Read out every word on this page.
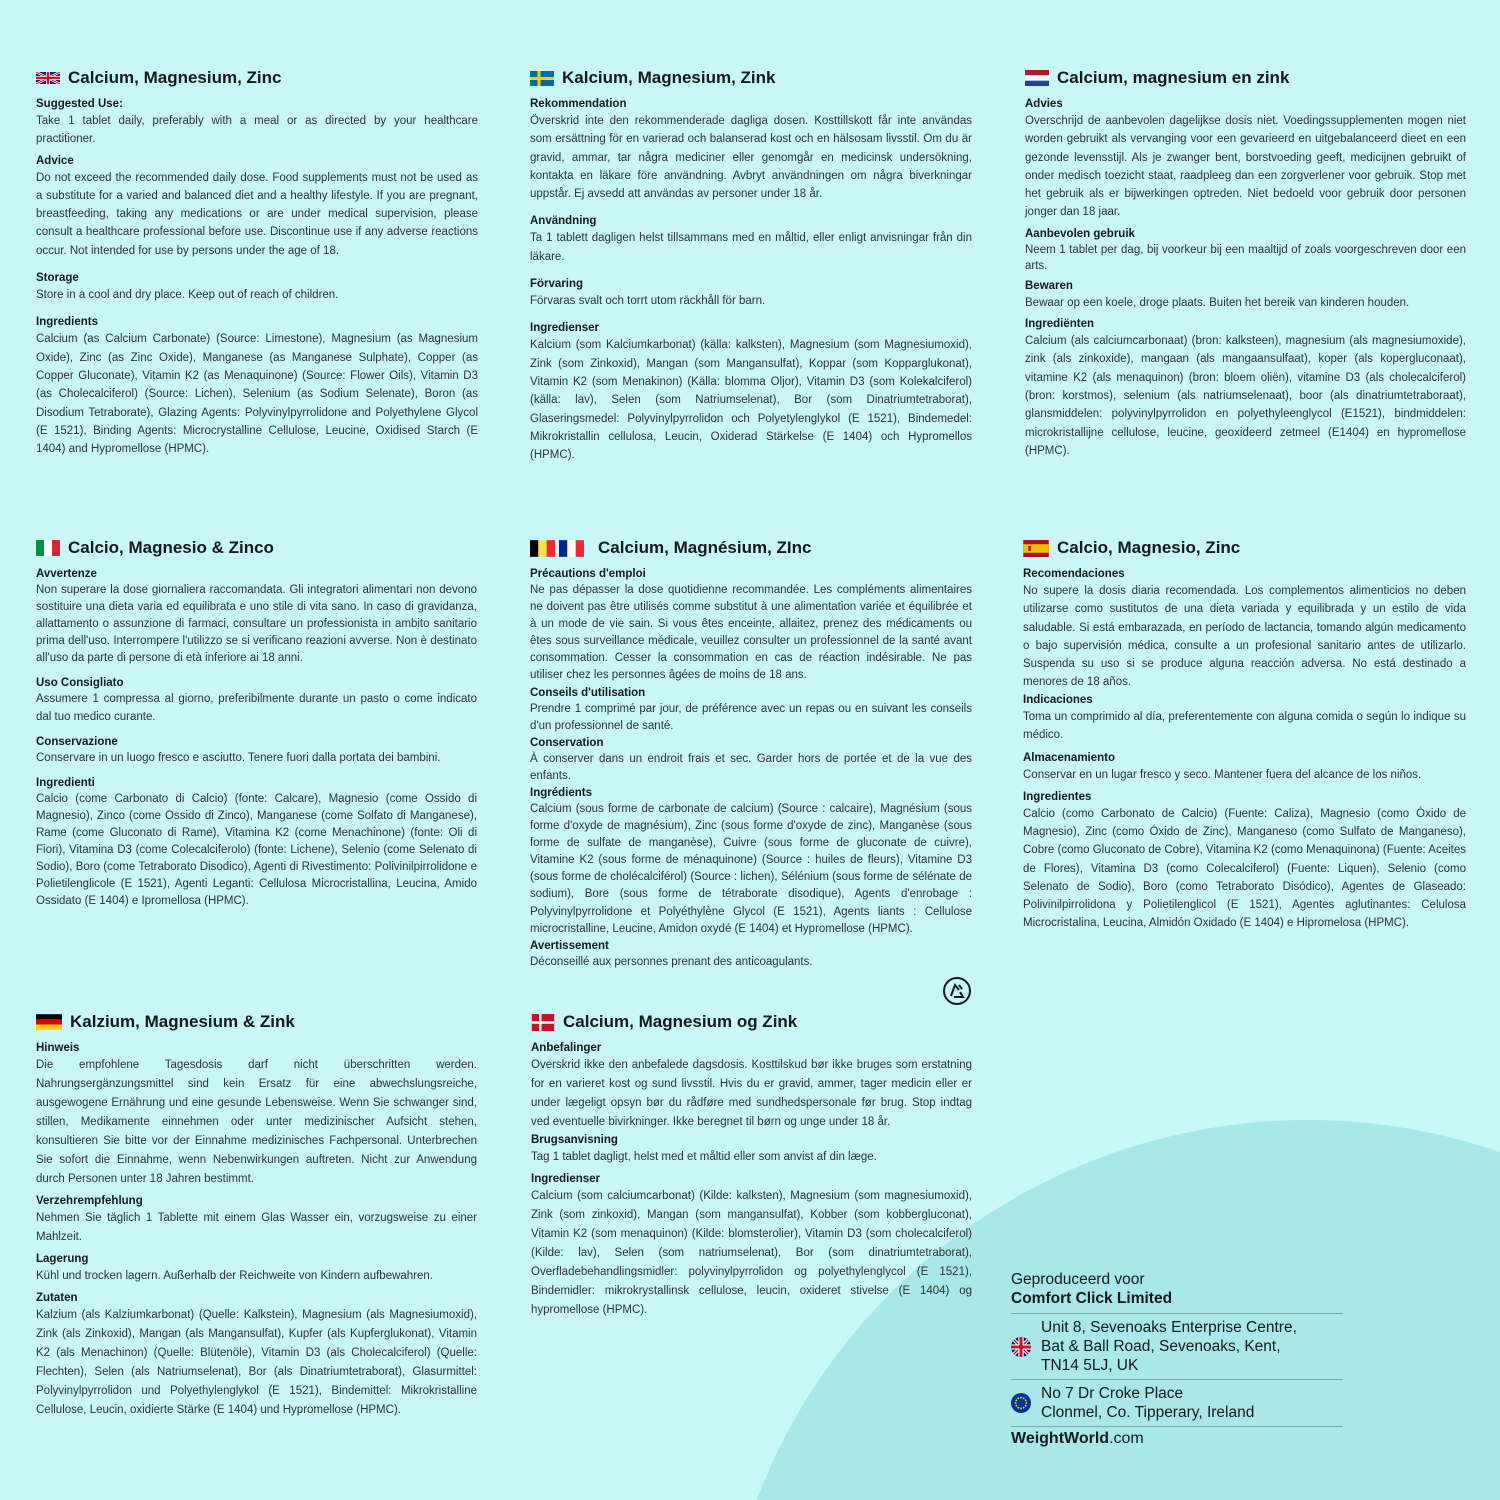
Calcium, Magnesium, Zinc
Suggested Use:
Take 1 tablet daily, preferably with a meal or as directed by your healthcare practitioner.
Advice
Do not exceed the recommended daily dose. Food supplements must not be used as a substitute for a varied and balanced diet and a healthy lifestyle. If you are pregnant, breastfeeding, taking any medications or are under medical supervision, please consult a healthcare professional before use. Discontinue use if any adverse reactions occur. Not intended for use by persons under the age of 18.
Storage
Store in a cool and dry place. Keep out of reach of children.
Ingredients
Calcium (as Calcium Carbonate) (Source: Limestone), Magnesium (as Magnesium Oxide), Zinc (as Zinc Oxide), Manganese (as Manganese Sulphate), Copper (as Copper Gluconate), Vitamin K2 (as Menaquinone) (Source: Flower Oils), Vitamin D3 (as Cholecalciferol) (Source: Lichen), Selenium (as Sodium Selenate), Boron (as Disodium Tetraborate), Glazing Agents: Polyvinylpyrrolidone and Polyethylene Glycol (E 1521), Binding Agents: Microcrystalline Cellulose, Leucine, Oxidised Starch (E 1404) and Hypromellose (HPMC).
Kalcium, Magnesium, Zink
Rekommendation
Överskrid inte den rekommenderade dagliga dosen. Kosttillskott får inte användas som ersättning för en varierad och balanserad kost och en hälsosam livsstil. Om du är gravid, ammar, tar några mediciner eller genomgår en medicinsk undersökning, kontakta en läkare före användning. Avbryt användningen om några biverkningar uppstår. Ej avsedd att användas av personer under 18 år.
Användning
Ta 1 tablett dagligen helst tillsammans med en måltid, eller enligt anvisningar från din läkare.
Förvaring
Förvaras svalt och torrt utom räckhåll för barn.
Ingredienser
Kalcium (som Kalciumkarbonat) (källa: kalksten), Magnesium (som Magnesiumoxid), Zink (som Zinkoxid), Mangan (som Mangansulfat), Koppar (som Kopparglukonat), Vitamin K2 (som Menakinon) (Källa: blomma Oljor), Vitamin D3 (som Kolekalciferol) (källa: lav), Selen (som Natriumselenat), Bor (som Dinatriumtetraborat), Glaseringsmedel: Polyvinylpyrrolidon och Polyetylenglykol (E 1521), Bindemedel: Mikrokristallin cellulosa, Leucin, Oxiderad Stärkelse (E 1404) och Hypromellos (HPMC).
Calcium, magnesium en zink
Advies
Overschrijd de aanbevolen dagelijkse dosis niet. Voedingssupplementen mogen niet worden gebruikt als vervanging voor een gevarieerd en uitgebalanceerd dieet en een gezonde levensstijl. Als je zwanger bent, borstvoeding geeft, medicijnen gebruikt of onder medisch toezicht staat, raadpleeg dan een zorgverlener voor gebruik. Stop met het gebruik als er bijwerkingen optreden. Niet bedoeld voor gebruik door personen jonger dan 18 jaar.
Aanbevolen gebruik
Neem 1 tablet per dag, bij voorkeur bij een maaltijd of zoals voorgeschreven door een arts.
Bewaren
Bewaar op een koele, droge plaats. Buiten het bereik van kinderen houden.
Ingrediënten
Calcium (als calciumcarbonaat) (bron: kalksteen), magnesium (als magnesiumoxide), zink (als zinkoxide), mangaan (als mangaansulfaat), koper (als kopergluconaat), vitamine K2 (als menaquinon) (bron: bloem oliën), vitamine D3 (als cholecalciferol) (bron: korstmos), selenium (als natriumselenaat), boor (als dinatriumtetraboraat), glansmiddelen: polyvinylpyrrolidon en polyethyleenglycol (E1521), bindmiddelen: microkristallijne cellulose, leucine, geoxideerd zetmeel (E1404) en hypromellose (HPMC).
Calcio, Magnesio & Zinco
Avvertenze
Non superare la dose giornaliera raccomandata. Gli integratori alimentari non devono sostituire una dieta varia ed equilibrata e uno stile di vita sano. In caso di gravidanza, allattamento o assunzione di farmaci, consultare un professionista in ambito sanitario prima dell'uso. Interrompere l'utilizzo se si verificano reazioni avverse. Non è destinato all'uso da parte di persone di età inferiore ai 18 anni.
Uso Consigliato
Assumere 1 compressa al giorno, preferibilmente durante un pasto o come indicato dal tuo medico curante.
Conservazione
Conservare in un luogo fresco e asciutto. Tenere fuori dalla portata dei bambini.
Ingredienti
Calcio (come Carbonato di Calcio) (fonte: Calcare), Magnesio (come Ossido di Magnesio), Zinco (come Ossido di Zinco), Manganese (come Solfato di Manganese), Rame (come Gluconato di Rame), Vitamina K2 (come Menachinone) (fonte: Oli di Fiori), Vitamina D3 (come Colecalciferolo) (fonte: Lichene), Selenio (come Selenato di Sodio), Boro (come Tetraborato Disodico), Agenti di Rivestimento: Polivinilpirrolidone e Polietilenglicole (E 1521), Agenti Leganti: Cellulosa Microcristallina, Leucina, Amido Ossidato (E 1404) e Ipromellosa (HPMC).
Calcium, Magnésium, ZInc
Précautions d'emploi
Ne pas dépasser la dose quotidienne recommandée. Les compléments alimentaires ne doivent pas être utilisés comme substitut à une alimentation variée et équilibrée et à un mode de vie sain. Si vous êtes enceinte, allaitez, prenez des médicaments ou êtes sous surveillance médicale, veuillez consulter un professionnel de la santé avant consommation. Cesser la consommation en cas de réaction indésirable. Ne pas utiliser chez les personnes âgées de moins de 18 ans.
Conseils d'utilisation
Prendre 1 comprimé par jour, de préférence avec un repas ou en suivant les conseils d'un professionnel de santé.
Conservation
À conserver dans un endroit frais et sec. Garder hors de portée et de la vue des enfants.
Ingrédients
Calcium (sous forme de carbonate de calcium) (Source : calcaire), Magnésium (sous forme d'oxyde de magnésium), Zinc (sous forme d'oxyde de zinc), Manganèse (sous forme de sulfate de manganèse), Cuivre (sous forme de gluconate de cuivre), Vitamine K2 (sous forme de ménaquinone) (Source : huiles de fleurs), Vitamine D3 (sous forme de cholécalciférol) (Source : lichen), Sélénium (sous forme de sélénate de sodium), Bore (sous forme de tétraborate disodique), Agents d'enrobage : Polyvinylpyrrolidone et Polyéthylène Glycol (E 1521), Agents liants : Cellulose microcristalline, Leucine, Amidon oxydé (E 1404) et Hypromellose (HPMC).
Avertissement
Déconseillé aux personnes prenant des anticoagulants.
Calcio, Magnesio, Zinc
Recomendaciones
No supere la dosis diaria recomendada. Los complementos alimenticios no deben utilizarse como sustitutos de una dieta variada y equilibrada y un estilo de vida saludable. Si está embarazada, en período de lactancia, tomando algún medicamento o bajo supervisión médica, consulte a un profesional sanitario antes de utilizarlo. Suspenda su uso si se produce alguna reacción adversa. No está destinado a menores de 18 años.
Indicaciones
Toma un comprimido al día, preferentemente con alguna comida o según lo indique su médico.
Almacenamiento
Conservar en un lugar fresco y seco. Mantener fuera del alcance de los niños.
Ingredientes
Calcio (como Carbonato de Calcio) (Fuente: Caliza), Magnesio (como Óxido de Magnesio), Zinc (como Óxido de Zinc), Manganeso (como Sulfato de Manganeso), Cobre (como Gluconato de Cobre), Vitamina K2 (como Menaquinona) (Fuente: Aceites de Flores), Vitamina D3 (como Colecalciferol) (Fuente: Liquen), Selenio (como Selenato de Sodio), Boro (como Tetraborato Disódico), Agentes de Glaseado: Polivinilpirrolidona y Polietilenglicol (E 1521), Agentes aglutinantes: Celulosa Microcristalina, Leucina, Almidón Oxidado (E 1404) e Hipromelosa (HPMC).
Kalzium, Magnesium & Zink
Hinweis
Die empfohlene Tagesdosis darf nicht überschritten werden. Nahrungsergänzungsmittel sind kein Ersatz für eine abwechslungsreiche, ausgewogene Ernährung und eine gesunde Lebensweise. Wenn Sie schwanger sind, stillen, Medikamente einnehmen oder unter medizinischer Aufsicht stehen, konsultieren Sie bitte vor der Einnahme medizinisches Fachpersonal. Unterbrechen Sie sofort die Einnahme, wenn Nebenwirkungen auftreten. Nicht zur Anwendung durch Personen unter 18 Jahren bestimmt.
Verzehrempfehlung
Nehmen Sie täglich 1 Tablette mit einem Glas Wasser ein, vorzugsweise zu einer Mahlzeit.
Lagerung
Kühl und trocken lagern. Außerhalb der Reichweite von Kindern aufbewahren.
Zutaten
Kalzium (als Kalziumkarbonat) (Quelle: Kalkstein), Magnesium (als Magnesiumoxid), Zink (als Zinkoxid), Mangan (als Mangansulfat), Kupfer (als Kupferglukonat), Vitamin K2 (als Menachinon) (Quelle: Blütenöle), Vitamin D3 (als Cholecalciferol) (Quelle: Flechten), Selen (als Natriumselenat), Bor (als Dinatriumtetraborat), Glasurmittel: Polyvinylpyrrolidon und Polyethylenglykol (E 1521), Bindemittel: Mikrokristalline Cellulose, Leucin, oxidierte Stärke (E 1404) und Hypromellose (HPMC).
Calcium, Magnesium og Zink
Anbefalinger
Overskrid ikke den anbefalede dagsdosis. Kosttilskud bør ikke bruges som erstatning for en varieret kost og sund livsstil. Hvis du er gravid, ammer, tager medicin eller er under lægeligt opsyn bør du rådføre med sundhedspersonale før brug. Stop indtag ved eventuelle bivirkninger. Ikke beregnet til børn og unge under 18 år.
Brugsanvisning
Tag 1 tablet dagligt, helst med et måltid eller som anvist af din læge.
Ingredienser
Calcium (som calciumcarbonat) (Kilde: kalksten), Magnesium (som magnesiumoxid), Zink (som zinkoxid), Mangan (som mangansulfat), Kobber (som kobbergluconat), Vitamin K2 (som menaquinon) (Kilde: blomsterolier), Vitamin D3 (som cholecalciferol) (Kilde: lav), Selen (som natriumselenat), Bor (som dinatriumtetraborat), Overfladebehandlingsmidler: polyvinylpyrrolidon og polyethylenglycol (E 1521), Bindemidler: mikrokrystallinsk cellulose, leucin, oxideret stivelse (E 1404) og hypromellose (HPMC).
Geproduceerd voor
Comfort Click Limited
Unit 8, Sevenoaks Enterprise Centre,
Bat & Ball Road, Sevenoaks, Kent,
TN14 5LJ, UK
No 7 Dr Croke Place
Clonmel, Co. Tipperary, Ireland
WeightWorld.com
